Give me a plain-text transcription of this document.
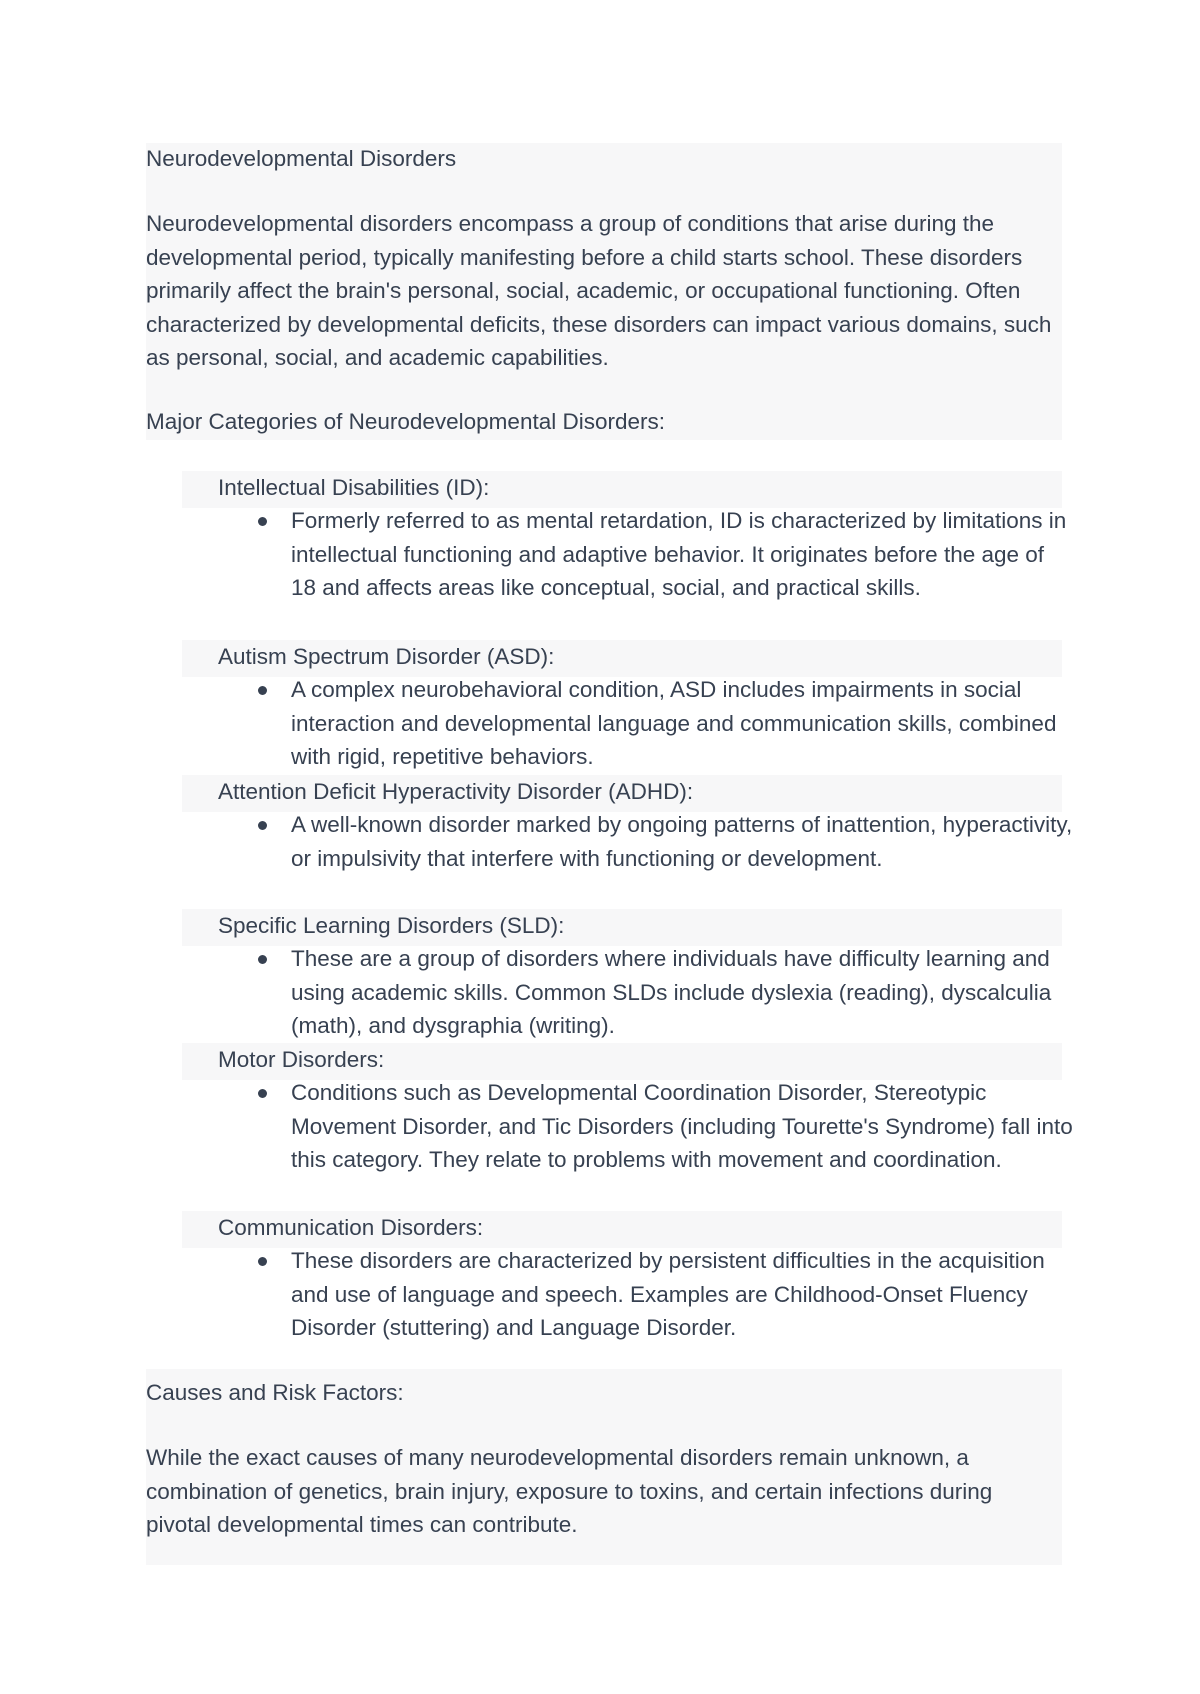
Neurodevelopmental Disorders

Neurodevelopmental disorders encompass a group of conditions that arise during the developmental period, typically manifesting before a child starts school. These disorders primarily affect the brain's personal, social, academic, or occupational functioning. Often characterized by developmental deficits, these disorders can impact various domains, such as personal, social, and academic capabilities.

Major Categories of Neurodevelopmental Disorders:

Intellectual Disabilities (ID):

Formerly referred to as mental retardation, ID is characterized by limitations in intellectual functioning and adaptive behavior. It originates before the age of 18 and affects areas like conceptual, social, and practical skills.

Autism Spectrum Disorder (ASD):

A complex neurobehavioral condition, ASD includes impairments in social interaction and developmental language and communication skills, combined with rigid, repetitive behaviors.

Attention Deficit Hyperactivity Disorder (ADHD):

A well-known disorder marked by ongoing patterns of inattention, hyperactivity, or impulsivity that interfere with functioning or development.

Specific Learning Disorders (SLD):

These are a group of disorders where individuals have difficulty learning and using academic skills. Common SLDs include dyslexia (reading), dyscalculia (math), and dysgraphia (writing).

Motor Disorders:

Conditions such as Developmental Coordination Disorder, Stereotypic Movement Disorder, and Tic Disorders (including Tourette's Syndrome) fall into this category. They relate to problems with movement and coordination.

Communication Disorders:

These disorders are characterized by persistent difficulties in the acquisition and use of language and speech. Examples are Childhood-Onset Fluency Disorder (stuttering) and Language Disorder.

Causes and Risk Factors:

While the exact causes of many neurodevelopmental disorders remain unknown, a combination of genetics, brain injury, exposure to toxins, and certain infections during pivotal developmental times can contribute.
